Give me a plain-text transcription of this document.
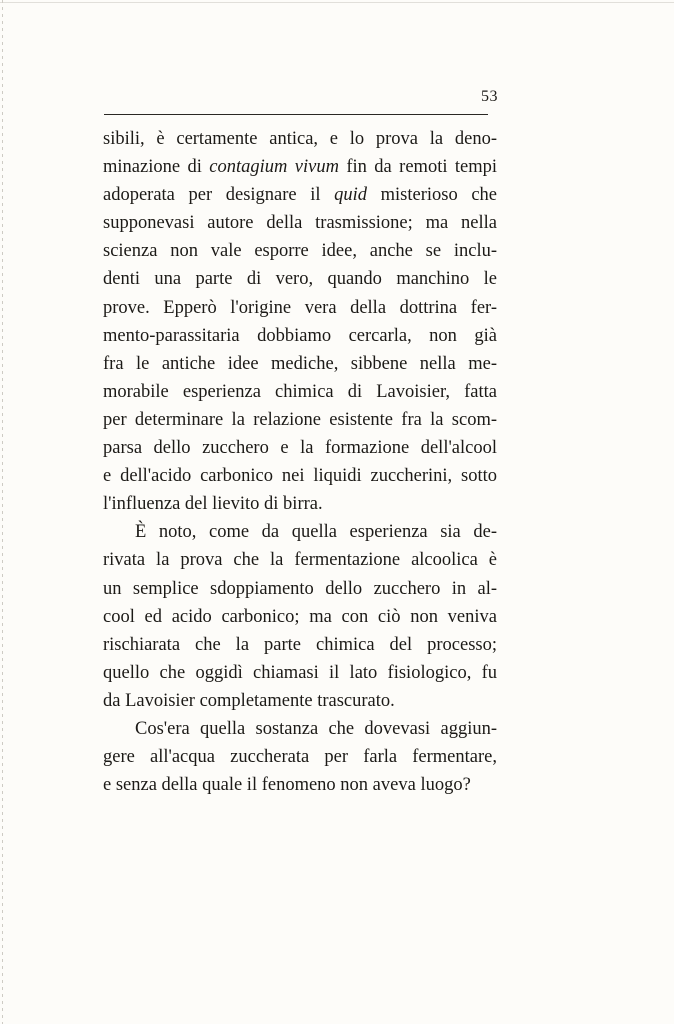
53
sibili, è certamente antica, e lo prova la deno-
minazione di contagium vivum fin da remoti tempi
adoperata per designare il quid misterioso che
supponevasi autore della trasmissione; ma nella
scienza non vale esporre idee, anche se inclu-
denti una parte di vero, quando manchino le
prove. Epperò l'origine vera della dottrina fer-
mento-parassitaria dobbiamo cercarla, non già
fra le antiche idee mediche, sibbene nella me-
morabile esperienza chimica di Lavoisier, fatta
per determinare la relazione esistente fra la scom-
parsa dello zucchero e la formazione dell'alcool
e dell'acido carbonico nei liquidi zuccherini, sotto
l'influenza del lievito di birra.
È noto, come da quella esperienza sia de-
rivata la prova che la fermentazione alcoolica è
un semplice sdoppiamento dello zucchero in al-
cool ed acido carbonico; ma con ciò non veniva
rischiarata che la parte chimica del processo;
quello che oggidì chiamasi il lato fisiologico, fu
da Lavoisier completamente trascurato.
Cos'era quella sostanza che dovevasi aggiun-
gere all'acqua zuccherata per farla fermentare,
e senza della quale il fenomeno non aveva luogo?
